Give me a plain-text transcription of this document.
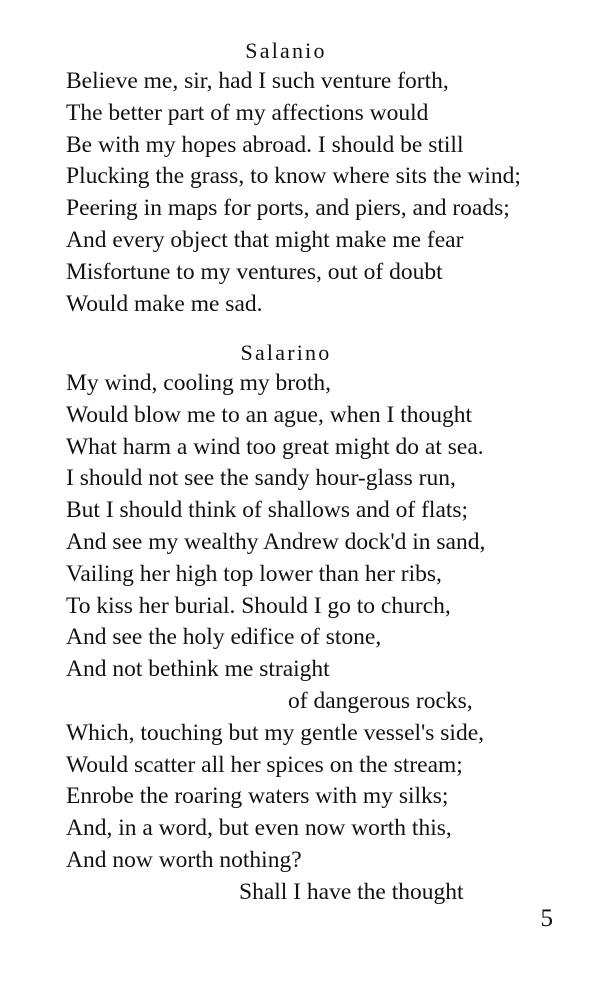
Salanio
Believe me, sir, had I such venture forth,
The better part of my affections would
Be with my hopes abroad. I should be still
Plucking the grass, to know where sits the wind;
Peering in maps for ports, and piers, and roads;
And every object that might make me fear
Misfortune to my ventures, out of doubt
Would make me sad.
Salarino
My wind, cooling my broth,
Would blow me to an ague, when I thought
What harm a wind too great might do at sea.
I should not see the sandy hour-glass run,
But I should think of shallows and of flats;
And see my wealthy Andrew dock'd in sand,
Vailing her high top lower than her ribs,
To kiss her burial. Should I go to church,
And see the holy edifice of stone,
And not bethink me straight
of dangerous rocks,
Which, touching but my gentle vessel's side,
Would scatter all her spices on the stream;
Enrobe the roaring waters with my silks;
And, in a word, but even now worth this,
And now worth nothing?
Shall I have the thought
5
